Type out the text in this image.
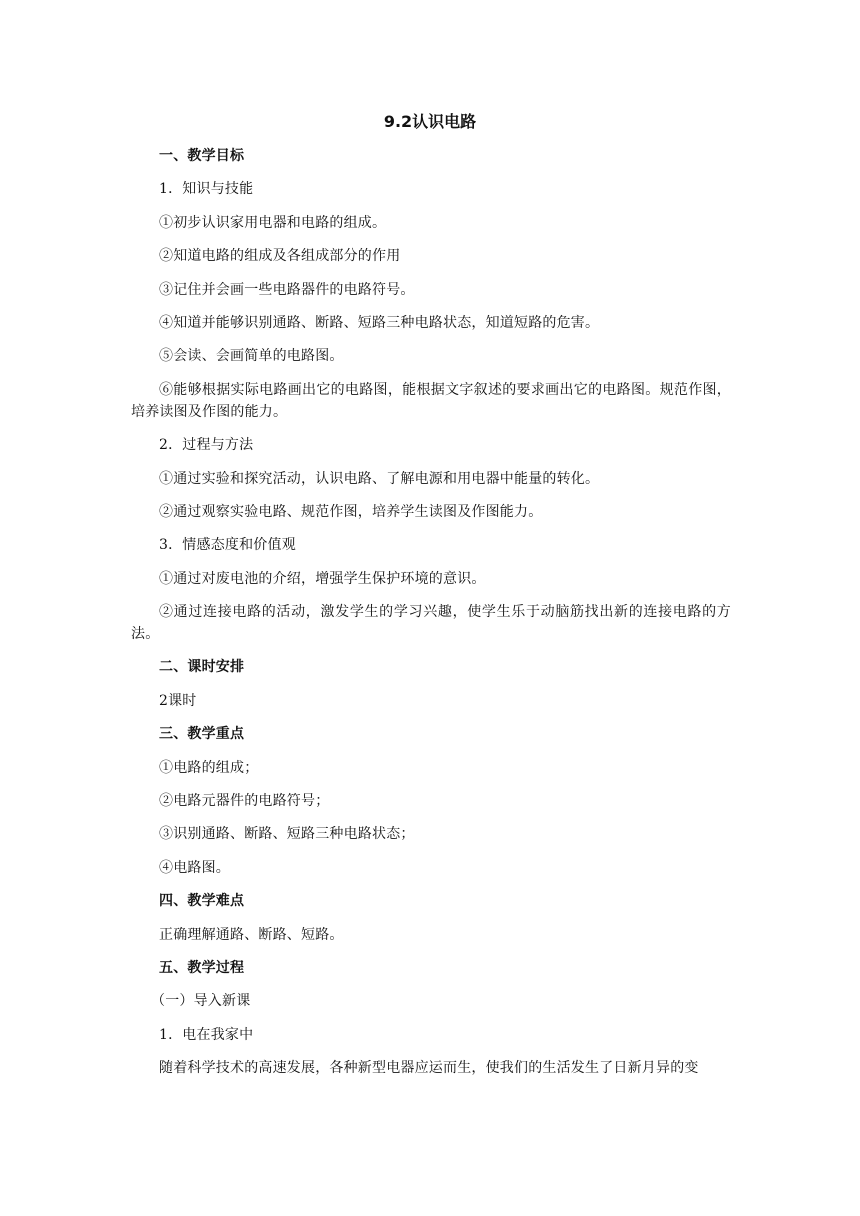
9.2认识电路

一、教学目标

1．知识与技能

①初步认识家用电器和电路的组成。

②知道电路的组成及各组成部分的作用

③记住并会画一些电路器件的电路符号。

④知道并能够识别通路、断路、短路三种电路状态，知道短路的危害。

⑤会读、会画简单的电路图。

⑥能够根据实际电路画出它的电路图，能根据文字叙述的要求画出它的电路图。规范作图，培养读图及作图的能力。

2．过程与方法

①通过实验和探究活动，认识电路、了解电源和用电器中能量的转化。

②通过观察实验电路、规范作图，培养学生读图及作图能力。

3．情感态度和价值观

①通过对废电池的介绍，增强学生保护环境的意识。

②通过连接电路的活动，激发学生的学习兴趣，使学生乐于动脑筋找出新的连接电路的方法。

二、课时安排

2课时

三、教学重点

①电路的组成；

②电路元器件的电路符号；

③识别通路、断路、短路三种电路状态；

④电路图。

四、教学难点

正确理解通路、断路、短路。

五、教学过程

（一）导入新课

1．电在我家中

随着科学技术的高速发展，各种新型电器应运而生，使我们的生活发生了日新月异的变
